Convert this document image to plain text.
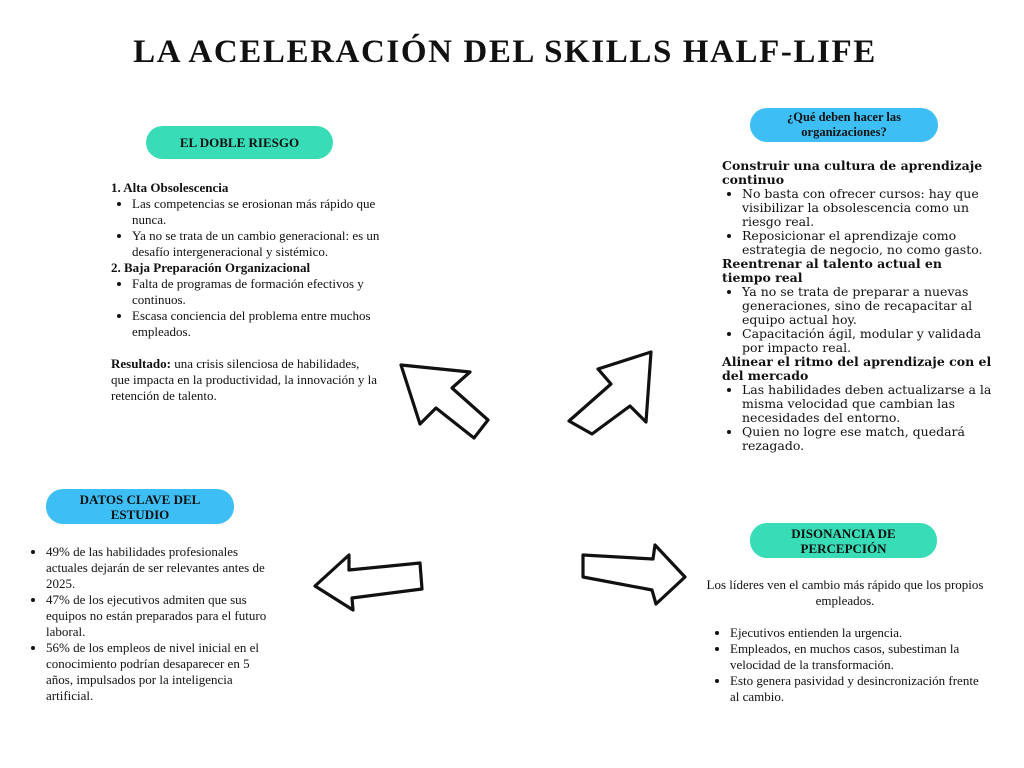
LA ACELERACIÓN DEL SKILLS HALF-LIFE
EL DOBLE RIESGO
¿Qué deben hacer las organizaciones?
DATOS CLAVE DEL ESTUDIO
DISONANCIA DE PERCEPCIÓN
1. Alta Obsolescencia
• Las competencias se erosionan más rápido que nunca.
• Ya no se trata de un cambio generacional: es un desafío intergeneracional y sistémico.
2. Baja Preparación Organizacional
• Falta de programas de formación efectivos y continuos.
• Escasa conciencia del problema entre muchos empleados.

Resultado: una crisis silenciosa de habilidades, que impacta en la productividad, la innovación y la retención de talento.

Construir una cultura de aprendizaje continuo
• No basta con ofrecer cursos: hay que visibilizar la obsolescencia como un riesgo real.
• Reposicionar el aprendizaje como estrategia de negocio, no como gasto.
Reentrenar al talento actual en tiempo real
• Ya no se trata de preparar a nuevas generaciones, sino de recapacitar al equipo actual hoy.
• Capacitación ágil, modular y validada por impacto real.
Alinear el ritmo del aprendizaje con el del mercado
• Las habilidades deben actualizarse a la misma velocidad que cambian las necesidades del entorno.
• Quien no logre ese match, quedará rezagado.
• 49% de las habilidades profesionales actuales dejarán de ser relevantes antes de 2025.
• 47% de los ejecutivos admiten que sus equipos no están preparados para el futuro laboral.
• 56% de los empleos de nivel inicial en el conocimiento podrían desaparecer en 5 años, impulsados por la inteligencia artificial.

Los líderes ven el cambio más rápido que los propios empleados.

• Ejecutivos entienden la urgencia.
• Empleados, en muchos casos, subestiman la velocidad de la transformación.
• Esto genera pasividad y desincronización frente al cambio.
